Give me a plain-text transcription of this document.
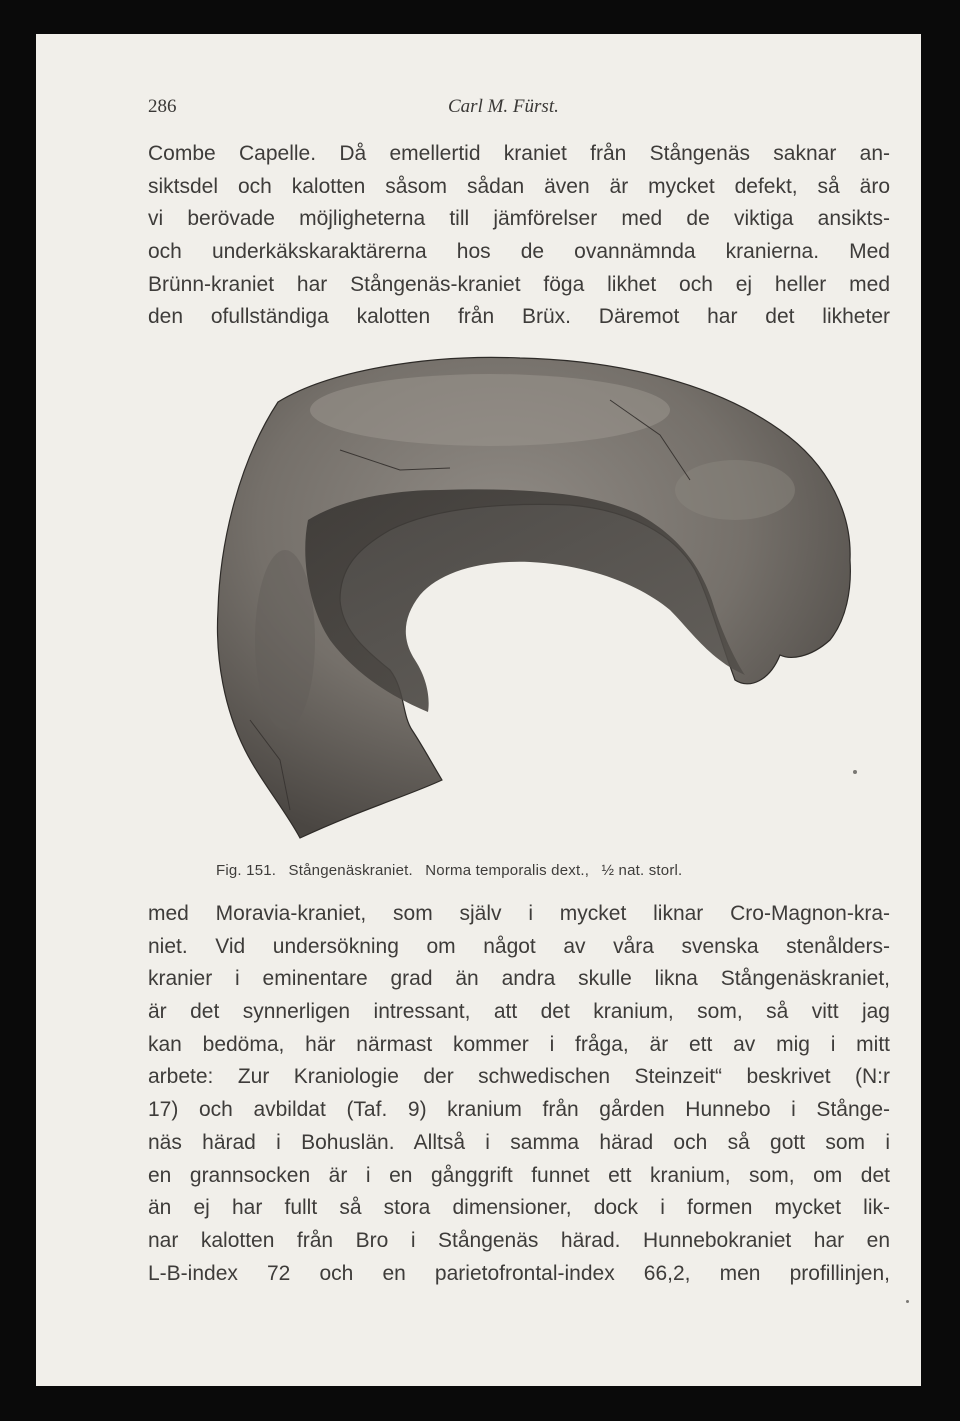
286	Carl M. Fürst.
Combe Capelle. Då emellertid kraniet från Stångenäs saknar an-
siktsdel och kalotten såsom sådan även är mycket defekt, så äro
vi berövade möjligheterna till jämförelser med de viktiga ansikts-
och underkäkskaraktärerna hos de ovannämnda kranierna. Med
Brünn-kraniet har Stångenäs-kraniet föga likhet och ej heller med
den ofullständiga kalotten från Brüx. Däremot har det likheter
Fig. 151. Stångenäskraniet. Norma temporalis dext., ½ nat. storl.
med Moravia-kraniet, som själv i mycket liknar Cro-Magnon-kra-
niet. Vid undersökning om något av våra svenska stenålders-
kranier i eminentare grad än andra skulle likna Stångenäskraniet,
är det synnerligen intressant, att det kranium, som, så vitt jag
kan bedöma, här närmast kommer i fråga, är ett av mig i mitt
arbete: Zur Kraniologie der schwedischen Steinzeit“ beskrivet (N:r
17) och avbildat (Taf. 9) kranium från gården Hunnebo i Stånge-
näs härad i Bohuslän. Alltså i samma härad och så gott som i
en grannsocken är i en gånggrift funnet ett kranium, som, om det
än ej har fullt så stora dimensioner, dock i formen mycket lik-
nar kalotten från Bro i Stångenäs härad. Hunnebokraniet har en
L-B-index 72 och en parietofrontal-index 66,2, men profillinjen,
